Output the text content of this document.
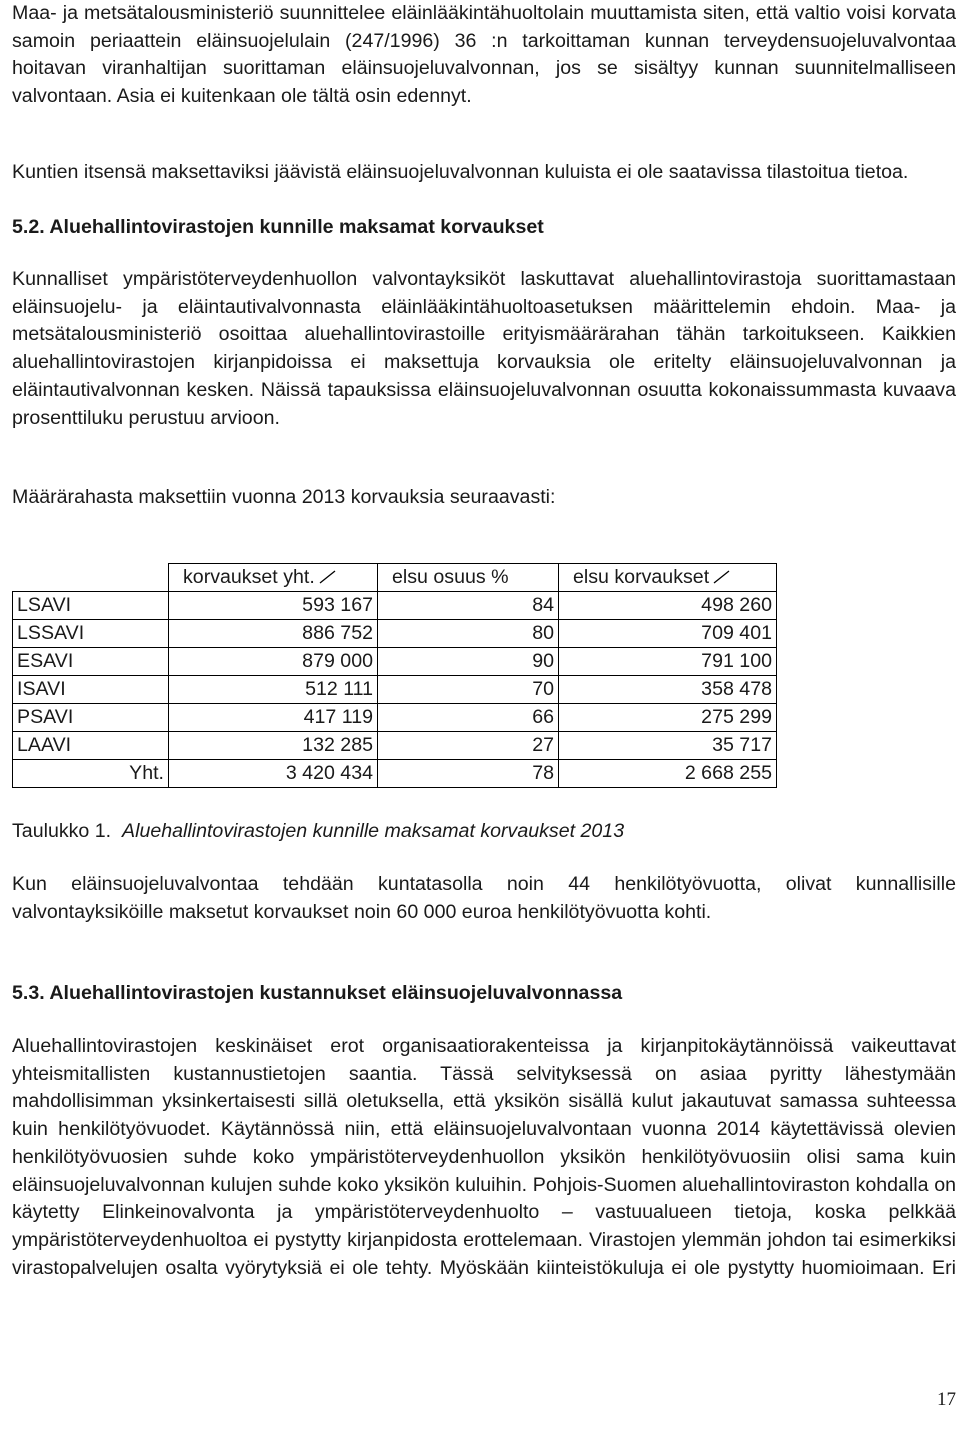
Maa- ja metsätalousministeriö suunnittelee eläinlääkintähuoltolain muuttamista siten, että valtio voisi korvata samoin periaattein eläinsuojelulain (247/1996) 36 :n tarkoittaman kunnan terveydensuojeluvalvontaa hoitavan viranhaltijan suorittaman eläinsuojeluvalvonnan, jos se sisältyy kunnan suunnitelmalliseen valvontaan. Asia ei kuitenkaan ole tältä osin edennyt.

Kuntien itsensä maksettaviksi jäävistä eläinsuojeluvalvonnan kuluista ei ole saatavissa tilastoitua tietoa.

5.2. Aluehallintovirastojen kunnille maksamat korvaukset

Kunnalliset ympäristöterveydenhuollon valvontayksiköt laskuttavat aluehallintovirastoja suorittamastaan eläinsuojelu- ja eläintautivalvonnasta eläinlääkintähuoltoasetuksen määrittelemin ehdoin. Maa- ja metsätalousministeriö osoittaa aluehallintovirastoille erityismäärärahan tähän tarkoitukseen. Kaikkien aluehallintovirastojen kirjanpidoissa ei maksettuja korvauksia ole eritelty eläinsuojeluvalvonnan ja eläintautivalvonnan kesken. Näissä tapauksissa eläinsuojeluvalvonnan osuutta kokonaissummasta kuvaava prosenttiluku perustuu arvioon.

Määrärahasta maksettiin vuonna 2013 korvauksia seuraavasti:

	korvaukset yht.	elsu osuus %	elsu korvaukset

LSAVI	593 167	84	498 260
LSSAVI	886 752	80	709 401
ESAVI	879 000	90	791 100
ISAVI	512 111	70	358 478
PSAVI	417 119	66	275 299
LAAVI	132 285	27	35 717
Yht.	3 420 434	78	2 668 255

Taulukko 1. Aluehallintovirastojen kunnille maksamat korvaukset 2013

Kun eläinsuojeluvalvontaa tehdään kuntatasolla noin 44 henkilötyövuotta, olivat kunnallisille valvontayksiköille maksetut korvaukset noin 60 000 euroa henkilötyövuotta kohti.

5.3. Aluehallintovirastojen kustannukset eläinsuojeluvalvonnassa

Aluehallintovirastojen keskinäiset erot organisaatiorakenteissa ja kirjanpitokäytännöissä vaikeuttavat yhteismitallisten kustannustietojen saantia. Tässä selvityksessä on asiaa pyritty lähestymään mahdollisimman yksinkertaisesti sillä oletuksella, että yksikön sisällä kulut jakautuvat samassa suhteessa kuin henkilötyövuodet. Käytännössä niin, että eläinsuojeluvalvontaan vuonna 2014 käytettävissä olevien henkilötyövuosien suhde koko ympäristöterveydenhuollon yksikön henkilötyövuosiin olisi sama kuin eläinsuojeluvalvonnan kulujen suhde koko yksikön kuluihin. Pohjois-Suomen aluehallintoviraston kohdalla on käytetty Elinkeinovalvonta ja ympäristöterveydenhuolto – vastuualueen tietoja, koska pelkkää ympäristöterveydenhuoltoa ei pystytty kirjanpidosta erottelemaan. Virastojen ylemmän johdon tai esimerkiksi virastopalvelujen osalta vyörytyksiä ei ole tehty. Myöskään kiinteistökuluja ei ole pystytty huomioimaan. Eri

17
